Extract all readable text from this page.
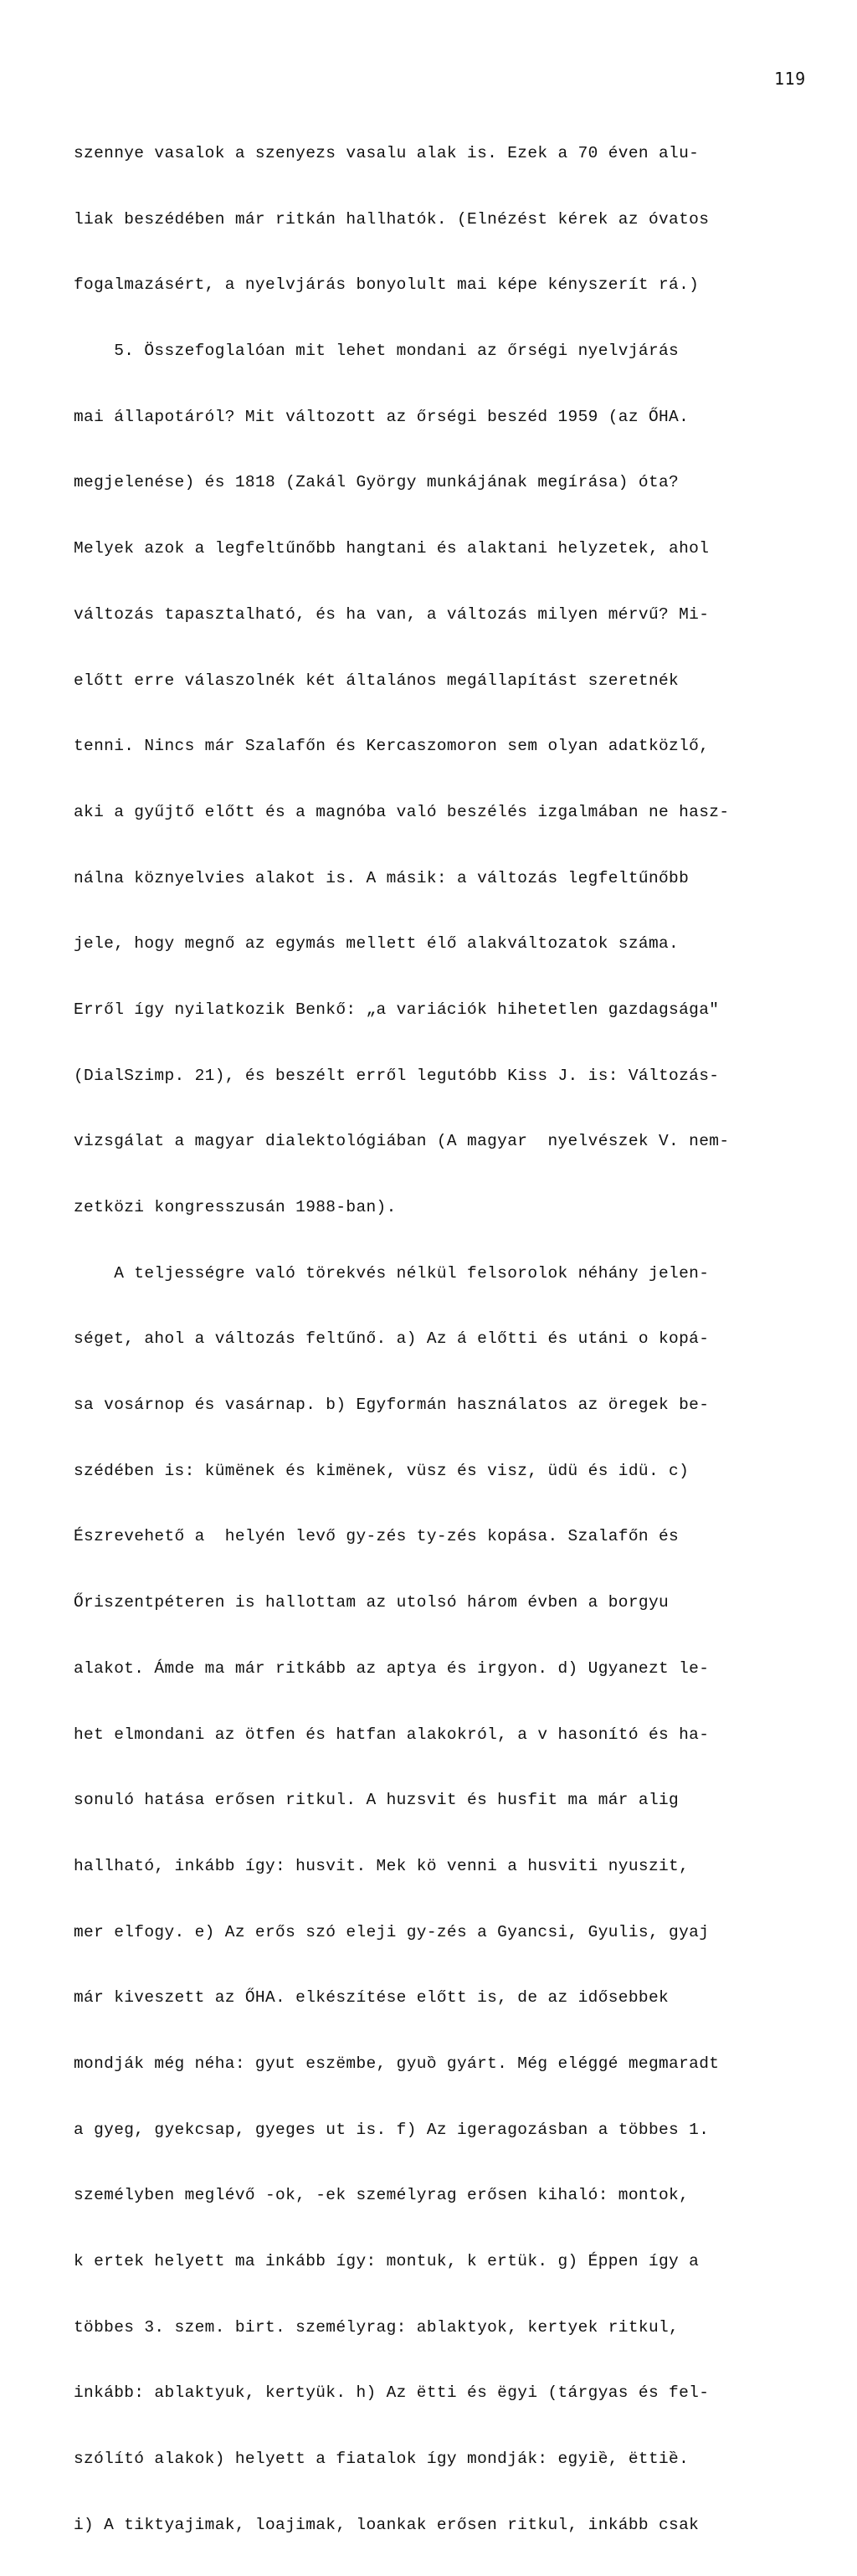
119

szennye vasalok a szenyezs vasalu alak is. Ezek a 70 éven alu-

liak beszédében már ritkán hallhatók. (Elnézést kérek az óvatos

fogalmazásért, a nyelvjárás bonyolult mai képe kényszerít rá.)

5. Összefoglalóan mit lehet mondani az őrségi nyelvjárás

mai állapotáról? Mit változott az őrségi beszéd 1959 (az ŐHA.

megjelenése) és 1818 (Zakál György munkájának megírása) óta?

Melyek azok a legfeltűnőbb hangtani és alaktani helyzetek, ahol

változás tapasztalható, és ha van, a változás milyen mérvű? Mi-

előtt erre válaszolnék két általános megállapítást szeretnék

tenni. Nincs már Szalafőn és Kercaszomoron sem olyan adatközlő,

aki a gyűjtő előtt és a magnóba való beszélés izgalmában ne hasz-

nálna köznyelvies alakot is. A másik: a változás legfeltűnőbb

jele, hogy megnő az egymás mellett élő alakváltozatok száma.

Erről így nyilatkozik Benkő: „a variációk hihetetlen gazdagsága"

(DialSzimp. 21), és beszélt erről legutóbb Kiss J. is: Változás-

vizsgálat a magyar dialektológiában (A magyar  nyelvészek V. nem-

zetközi kongresszusán 1988-ban).

A teljességre való törekvés nélkül felsorolok néhány jelen-

séget, ahol a változás feltűnő. a) Az á előtti és utáni o kopá-

sa vosárnop és vasárnap. b) Egyformán használatos az öregek be-

szédében is: kümënek és kimënek, vüsz és visz, üdü és idü. c)

Észrevehető a  helyén levő gy-zés ty-zés kopása. Szalafőn és

Őriszentpéteren is hallottam az utolsó három évben a borgyu

alakot. Ámde ma már ritkább az aptya és irgyon. d) Ugyanezt le-

het elmondani az ötfen és hatfan alakokról, a v hasonító és ha-

sonuló hatása erősen ritkul. A huzsvit és husfit ma már alig

hallható, inkább így: husvit. Mek kö venni a husviti nyuszit,

mer elfogy. e) Az erős szó eleji gy-zés a Gyancsi, Gyulis, gyaj

már kiveszett az ŐHA. elkészítése előtt is, de az idősebbek

mondják még néha: gyut eszëmbe, gyuȍ gyárt. Még eléggé megmaradt

a gyeg, gyekcsap, gyeges ut is. f) Az igeragozásban a többes 1.

személyben meglévő -ok, -ek személyrag erősen kihaló: montok,

k ertek helyett ma inkább így: montuk, k ertük. g) Éppen így a

többes 3. szem. birt. személyrag: ablaktyok, kertyek ritkul,

inkább: ablaktyuk, kertyük. h) Az ëtti és ëgyi (tárgyas és fel-

szólító alakok) helyett a fiatalok így mondják: egyiȅ, ëttiȅ.

i) A tiktyajimak, loajimak, loankak erősen ritkul, inkább csak
